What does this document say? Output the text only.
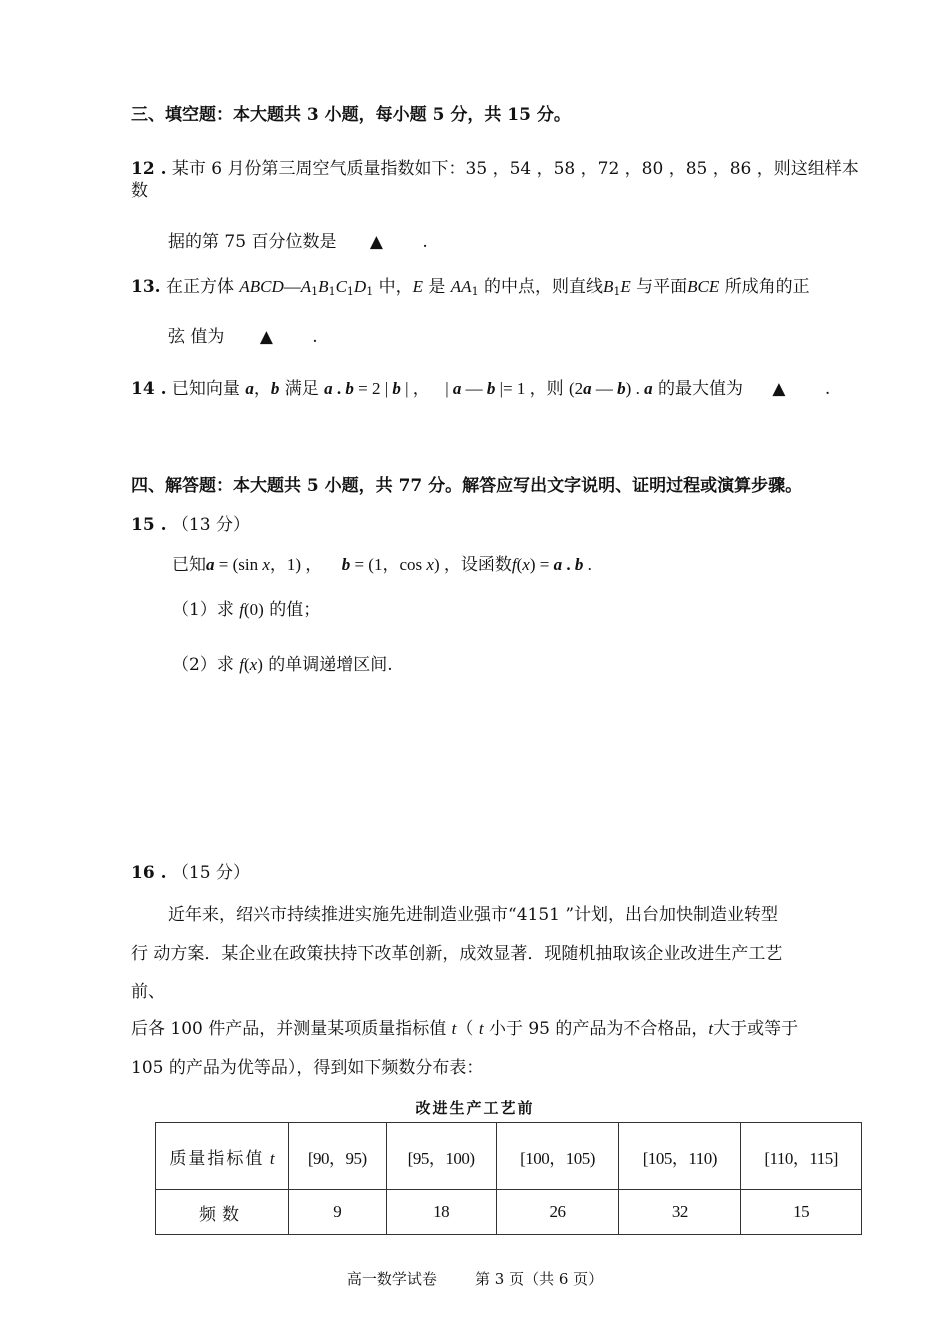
三、填空题：本大题共 3 小题，每小题 5 分，共 15 分。
12 . 某市 6 月份第三周空气质量指数如下：35 ，54 ，58 ，72 ，80 ，85 ，86 ，则这组样本
数
据的第 75 百分位数是 ▲ .
13. 在正方体 $ABCD—A_1B_1C_1D_1$ 中，E 是 $AA_1$ 的中点，则直线$B_1E$ 与平面BCE 所成角的正
弦 值为 ▲ .
14 . 已知向量 a，b 满足 a . b = 2 | b | ， | a — b |= 1 ，则 (2a — b) . a 的最大值为 ▲ .
四、解答题：本大题共 5 小题，共 77 分。解答应写出文字说明、证明过程或演算步骤。
15 . （13 分）
已知a = (sin x，1) ， b = (1，cos x) ，设函数f(x) = a . b .
（1）求 f(0) 的值；
（2）求 f(x) 的单调递增区间.
16 . （15 分）
近年来，绍兴市持续推进实施先进制造业强市“4151 ”计划，出台加快制造业转型
行 动方案．某企业在政策扶持下改革创新，成效显著．现随机抽取该企业改进生产工艺
前、
后各 100 件产品，并测量某项质量指标值 t（ t 小于 95 的产品为不合格品，t大于或等于
105 的产品为优等品），得到如下频数分布表：
改进生产工艺前
质量指标值 t	[90，95)	[95，100)	[100，105)	[105，110)	[110，115]
频数	9	18	26	32	15
高一数学试卷        第 3 页（共 6 页）
